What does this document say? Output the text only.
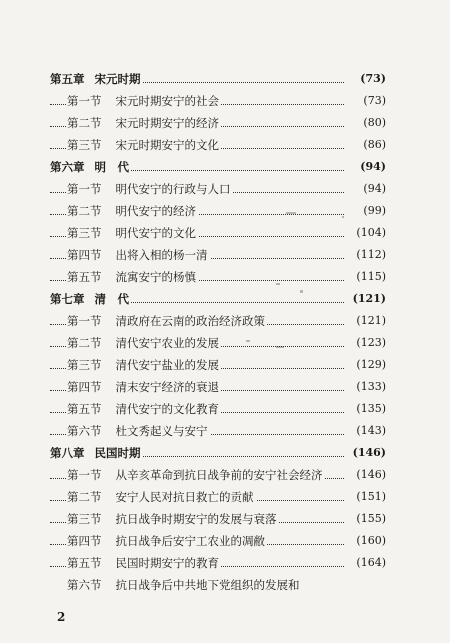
第五章 宋元时期	(73)
第一节 宋元时期安宁的社会	(73)
第二节 宋元时期安宁的经济	(80)
第三节 宋元时期安宁的文化	(86)
第六章 明　代	(94)
第一节 明代安宁的行政与人口	(94)
第二节 明代安宁的经济	(99)
第三节 明代安宁的文化	(104)
第四节 出将入相的杨一清	(112)
第五节 流寓安宁的杨慎	(115)
第七章 清　代	(121)
第一节 清政府在云南的政治经济政策	(121)
第二节 清代安宁农业的发展	(123)
第三节 清代安宁盐业的发展	(129)
第四节 清末安宁经济的衰退	(133)
第五节 清代安宁的文化教育	(135)
第六节 杜文秀起义与安宁	(143)
第八章 民国时期	(146)
第一节 从辛亥革命到抗日战争前的安宁社会经济	(146)
第二节 安宁人民对抗日救亡的贡献	(151)
第三节 抗日战争时期安宁的发展与衰落	(155)
第四节 抗日战争后安宁工农业的凋敝	(160)
第五节 民国时期安宁的教育	(164)
第六节 抗日战争后中共地下党组织的发展和
2
